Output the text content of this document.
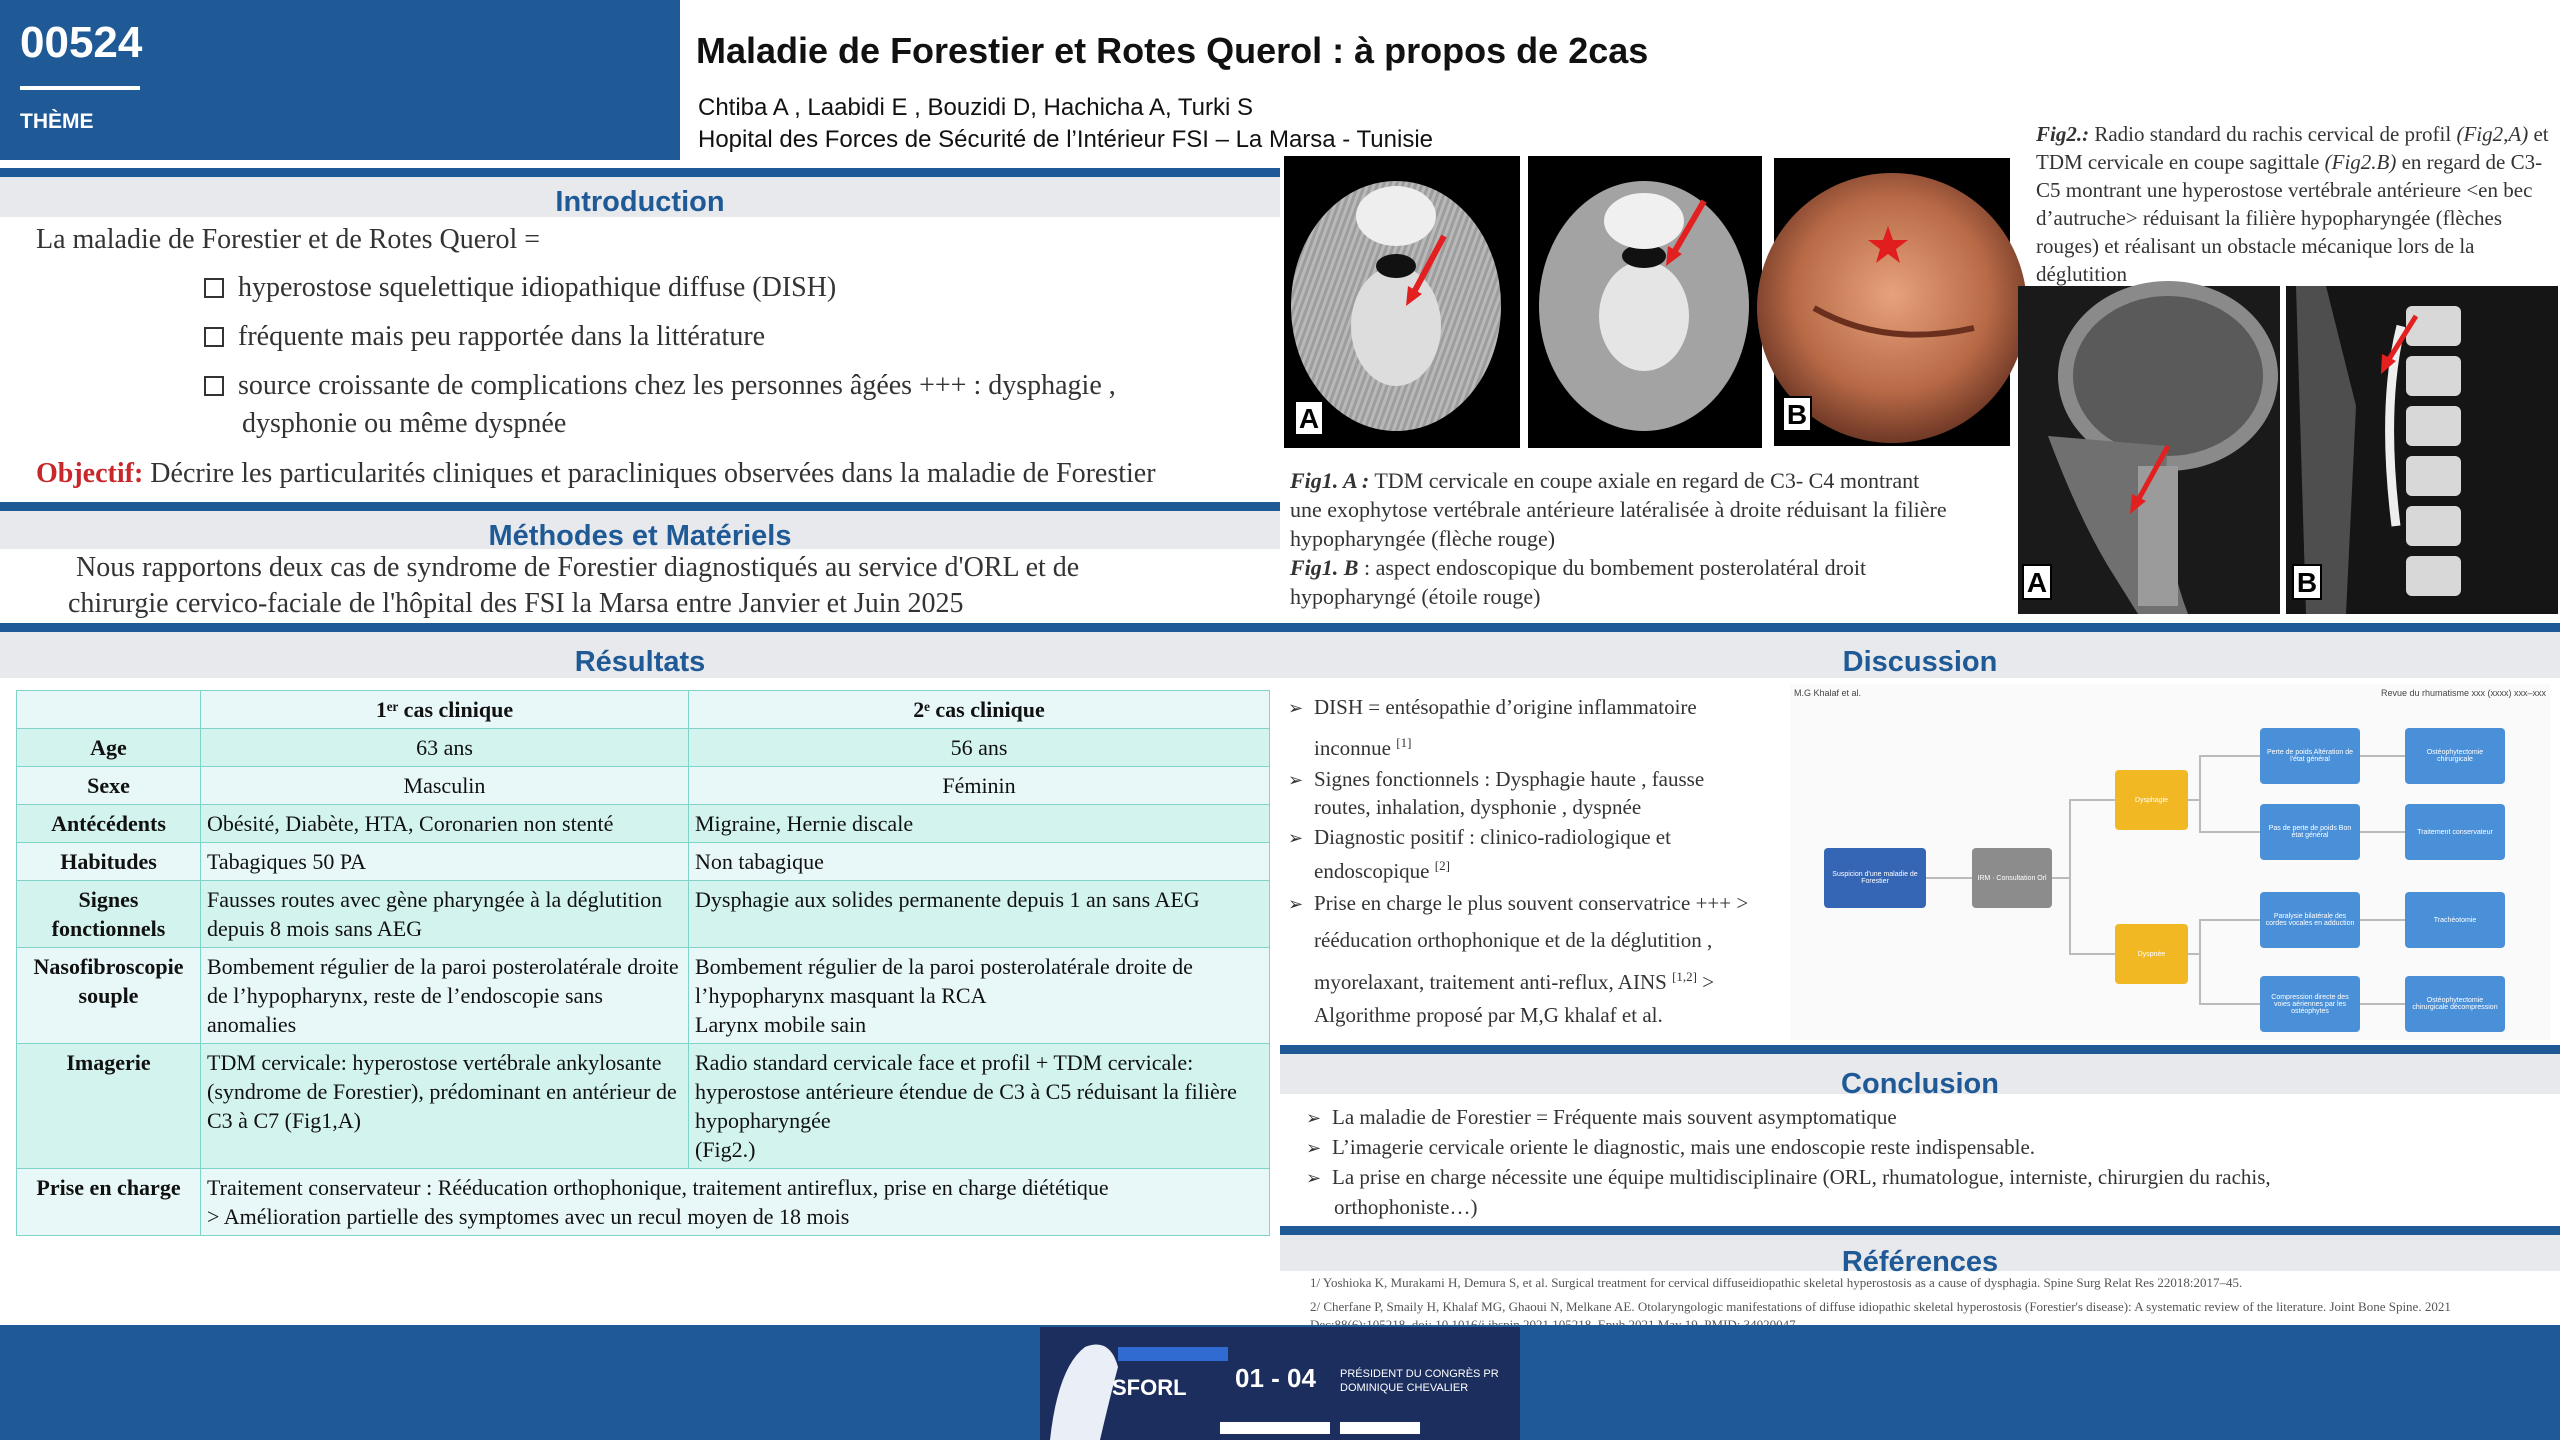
00524
THÈME
Maladie de Forestier et Rotes Querol : à propos de 2cas
Chtiba A , Laabidi E , Bouzidi D, Hachicha A, Turki S
Hopital des Forces de Sécurité de l’Intérieur FSI – La Marsa - Tunisie
Introduction
La maladie de Forestier et de Rotes Querol =
hyperostose squelettique idiopathique diffuse (DISH)
fréquente mais peu rapportée dans la littérature
source croissante de complications chez les personnes âgées +++ : dysphagie ,
dysphonie ou même dyspnée
Objectif: Décrire les particularités cliniques et paracliniques observées dans la maladie de Forestier
Méthodes et Matériels
Nous rapportons deux cas de syndrome de Forestier diagnostiqués au service d'ORL et de
chirurgie cervico-faciale de l'hôpital des FSI la Marsa entre Janvier et Juin 2025
A	B
Fig1. A : TDM cervicale en coupe axiale en regard de C3- C4 montrant une exophytose vertébrale antérieure latéralisée à droite réduisant la filière hypopharyngée (flèche rouge)
Fig1. B : aspect endoscopique du bombement posterolatéral droit hypopharyngé (étoile rouge)
Fig2.: Radio standard du rachis cervical de profil (Fig2,A) et TDM cervicale en coupe sagittale (Fig2.B) en regard de C3- C5 montrant une hyperostose vertébrale antérieure <en bec d’autruche> réduisant la filière hypopharyngée (flèches rouges) et réalisant un obstacle mécanique lors de la déglutition
A	B
Résultats
	1ᵉʳ cas clinique	2ᵉ cas clinique
Age	63 ans	56 ans
Sexe	Masculin	Féminin
Antécédents	Obésité, Diabète, HTA, Coronarien non stenté	Migraine, Hernie discale
Habitudes	Tabagiques 50 PA	Non tabagique
Signes fonctionnels	Fausses routes avec gène pharyngée à la déglutition depuis 8 mois sans AEG	Dysphagie aux solides permanente depuis 1 an sans AEG
Nasofibroscopie souple	Bombement régulier de la paroi posterolatérale droite de l’hypopharynx, reste de l’endoscopie sans anomalies	Bombement régulier de la paroi posterolatérale droite de l’hypopharynx masquant la RCA
Larynx mobile sain

Imagerie	TDM cervicale: hyperostose vertébrale ankylosante (syndrome de Forestier), prédominant en antérieur de C3 à C7 (Fig1,A)	Radio standard cervicale face et profil + TDM cervicale: hyperostose antérieure étendue de C3 à C5 réduisant la filière hypopharyngée
(Fig2.)

Prise en charge	Traitement conservateur : Rééducation orthophonique, traitement antireflux, prise en charge diététique
> Amélioration partielle des symptomes avec un recul moyen de 18 mois	
Discussion
➢ DISH = entésopathie d’origine inflammatoire
inconnue [1]
➢ Signes fonctionnels : Dysphagie haute , fausse
routes, inhalation, dysphonie , dyspnée
➢ Diagnostic positif : clinico-radiologique et
endoscopique [2]
➢ Prise en charge le plus souvent conservatrice +++ >
rééducation orthophonique et de la déglutition ,
myorelaxant, traitement anti-reflux, AINS [1,2] >
Algorithme proposé par M,G khalaf et al.
M.G Khalaf et al.	Revue du rhumatisme xxx (xxxx) xxx–xxx
Suspicion d'une maladie de Forestier	IRM · Consultation Orl
Dysphagie
Dyspnée
Perte de poids Altération de l'état général
Pas de perte de poids Bon état général
Paralysie bilatérale des cordes vocales en adduction
Compression directe des voies aériennes par les ostéophytes
Ostéophytectomie chirurgicale
Traitement conservateur
Trachéotomie
Ostéophytectomie chirurgicale décompression
Conclusion
➢ La maladie de Forestier = Fréquente mais souvent asymptomatique
➢ L’imagerie cervicale oriente le diagnostic, mais une endoscopie reste indispensable.
➢ La prise en charge nécessite une équipe multidisciplinaire (ORL, rhumatologue, interniste, chirurgien du rachis,
orthophoniste…)
Références
1/ Yoshioka K, Murakami H, Demura S, et al. Surgical treatment for cervical diffuseidiopathic skeletal hyperostosis as a cause of dysphagia. Spine Surg Relat Res 22018:2017–45.
2/ Cherfane P, Smaily H, Khalaf MG, Ghaoui N, Melkane AE. Otolaryngologic manifestations of diffuse idiopathic skeletal hyperostosis (Forestier's disease): A systematic review of the literature. Joint Bone Spine. 2021
SFORL 01 - 04 PRÉSIDENT DU CONGRÈS PR DOMINIQUE CHEVALIER
